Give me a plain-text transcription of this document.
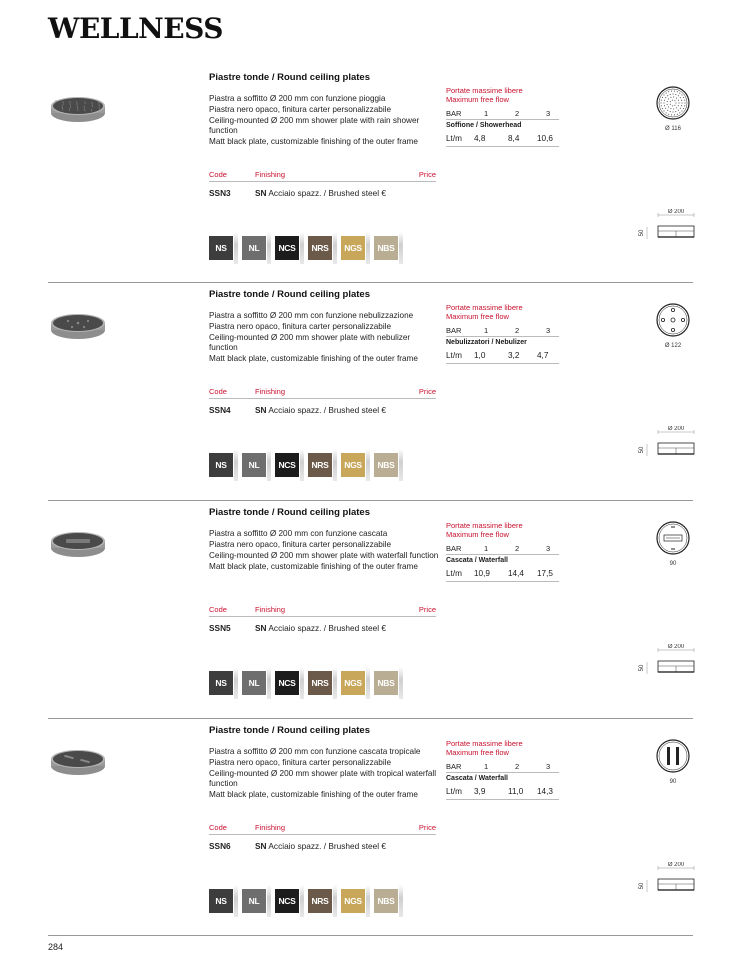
WELLNESS
Piastre tonde / Round ceiling plates

Piastra a soffitto Ø 200 mm con funzione pioggia

Piastra nero opaco, finitura carter personalizzabile

Ceiling-mounted Ø 200 mm shower plate with rain shower function

Matt black plate, customizable finishing of the outer frame

Portate massime libere
Maximum free flow
BAR	1	2	3
Soffione / Showerhead
Lt/m 4,8	8,4 10,6
Code	Finishing	Price
SSN3	SN Acciaio spazz. / Brushed steel €
NS	NL	NCS	NRS	NGS	NBS
Ø 116
Ø 200
50
Piastre tonde / Round ceiling plates

Piastra a soffitto Ø 200 mm con funzione nebulizzazione

Piastra nero opaco, finitura carter personalizzabile

Ceiling-mounted Ø 200 mm shower plate with nebulizer function

Matt black plate, customizable finishing of the outer frame

Portate massime libere
Maximum free flow
BAR	1	2	3
Nebulizzatori / Nebulizer
Lt/m 1,0	3,2 4,7
Code	Finishing	Price
SSN4	SN Acciaio spazz. / Brushed steel €
NS	NL	NCS	NRS	NGS	NBS
Ø 122
Ø 200
50
Piastre tonde / Round ceiling plates

Piastra a soffitto Ø 200 mm con funzione cascata

Piastra nero opaco, finitura carter personalizzabile

Ceiling-mounted Ø 200 mm shower plate with waterfall function

Matt black plate, customizable finishing of the outer frame

Portate massime libere
Maximum free flow
BAR	1	2	3
Cascata / Waterfall
Lt/m 10,9 14,4 17,5
Code	Finishing	Price
SSN5	SN Acciaio spazz. / Brushed steel €
NS	NL	NCS	NRS	NGS	NBS
90
Ø 200
50
Piastre tonde / Round ceiling plates

Piastra a soffitto Ø 200 mm con funzione cascata tropicale

Piastra nero opaco, finitura carter personalizzabile

Ceiling-mounted Ø 200 mm shower plate with tropical waterfall function

Matt black plate, customizable finishing of the outer frame

Portate massime libere
Maximum free flow
BAR	1	2	3
Cascata / Waterfall
Lt/m 3,9	11,0 14,3
Code	Finishing	Price
SSN6	SN Acciaio spazz. / Brushed steel €
NS	NL	NCS	NRS	NGS	NBS
90
Ø 200
50
284
